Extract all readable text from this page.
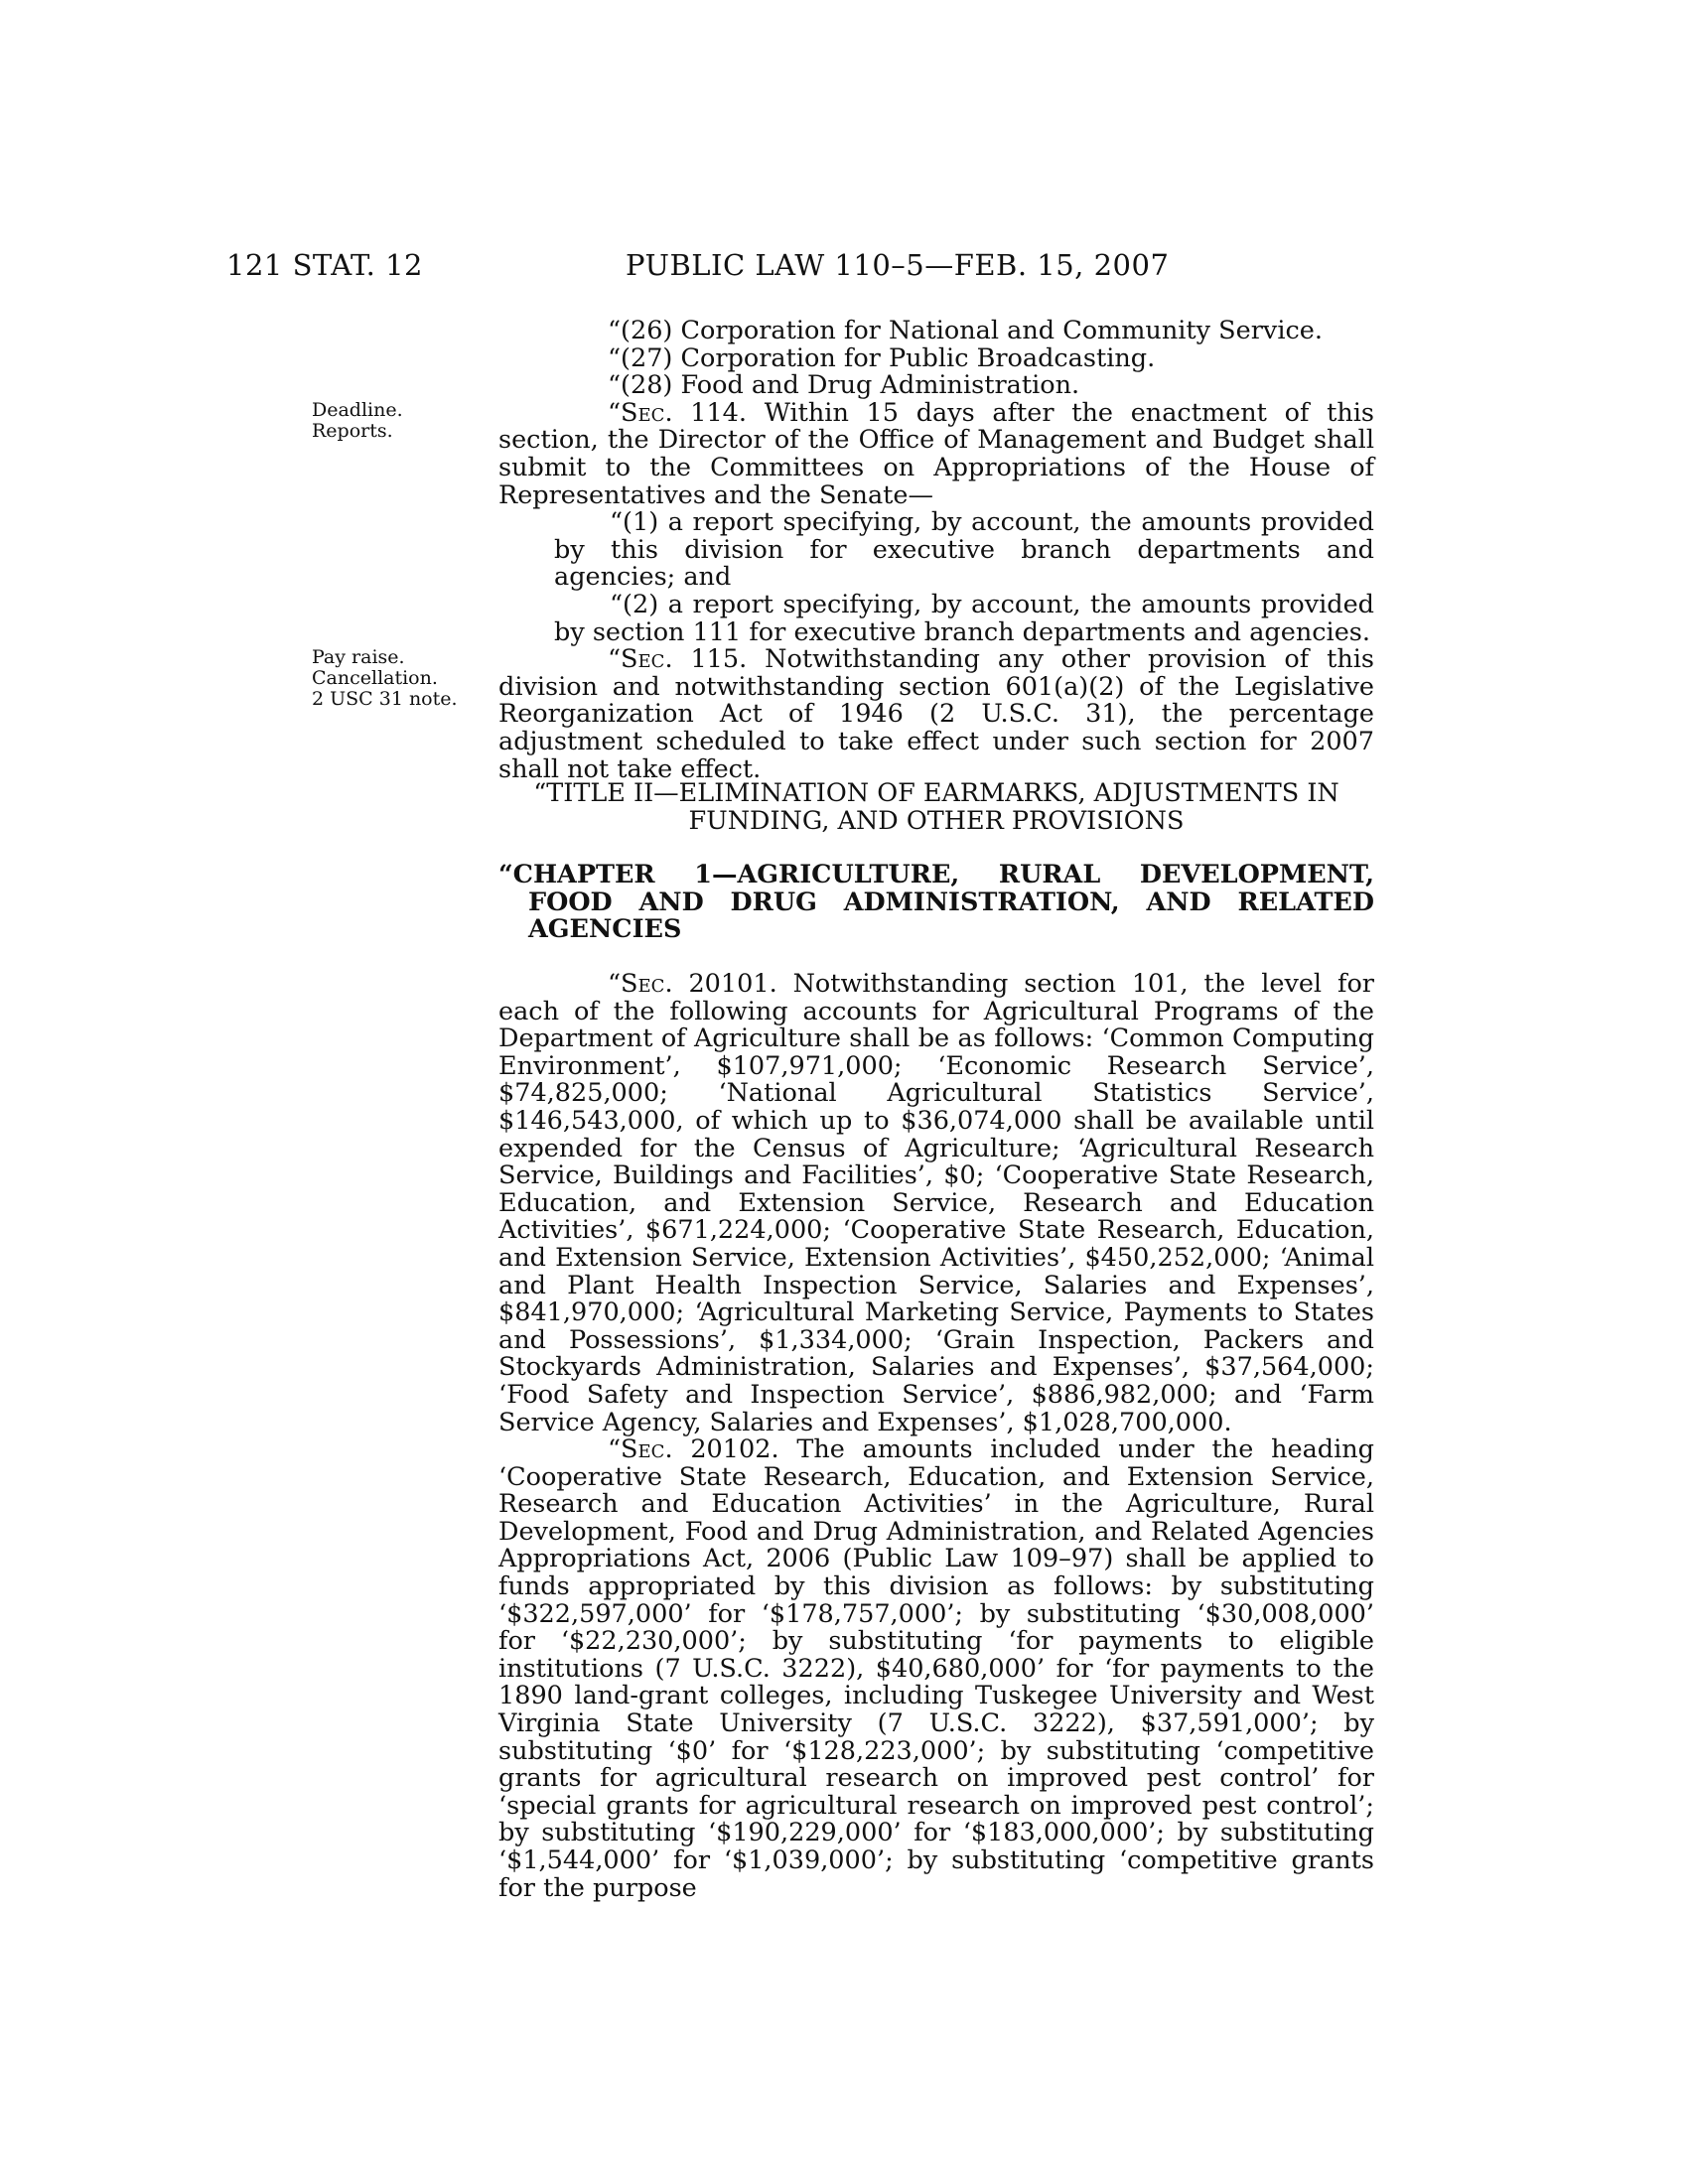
121 STAT. 12	PUBLIC LAW 110–5—FEB. 15, 2007
Deadline.
Reports.
Pay raise.
Cancellation.
2 USC 31 note.

“(26) Corporation for National and Community Service.

“(27) Corporation for Public Broadcasting.

“(28) Food and Drug Administration.

“Sec. 114. Within 15 days after the enactment of this section, the Director of the Office of Management and Budget shall submit to the Committees on Appropriations of the House of Representatives and the Senate—

“(1) a report specifying, by account, the amounts provided by this division for executive branch departments and agencies; and

“(2) a report specifying, by account, the amounts provided by section 111 for executive branch departments and agencies.

“Sec. 115. Notwithstanding any other provision of this division and notwithstanding section 601(a)(2) of the Legislative Reorganization Act of 1946 (2 U.S.C. 31), the percentage adjustment scheduled to take effect under such section for 2007 shall not take effect.

“TITLE II—ELIMINATION OF EARMARKS, ADJUSTMENTS IN

FUNDING, AND OTHER PROVISIONS

“CHAPTER 1—AGRICULTURE, RURAL DEVELOPMENT, FOOD AND DRUG ADMINISTRATION, AND RELATED AGENCIES

“Sec. 20101. Notwithstanding section 101, the level for each of the following accounts for Agricultural Programs of the Department of Agriculture shall be as follows: ‘Common Computing Environment’, $107,971,000; ‘Economic Research Service’, $74,825,000; ‘National Agricultural Statistics Service’, $146,543,000, of which up to $36,074,000 shall be available until expended for the Census of Agriculture; ‘Agricultural Research Service, Buildings and Facilities’, $0; ‘Cooperative State Research, Education, and Extension Service, Research and Education Activities’, $671,224,000; ‘Cooperative State Research, Education, and Extension Service, Extension Activities’, $450,252,000; ‘Animal and Plant Health Inspection Service, Salaries and Expenses’, $841,970,000; ‘Agricultural Marketing Service, Payments to States and Possessions’, $1,334,000; ‘Grain Inspection, Packers and Stockyards Administration, Salaries and Expenses’, $37,564,000; ‘Food Safety and Inspection Service’, $886,982,000; and ‘Farm Service Agency, Salaries and Expenses’, $1,028,700,000.

“Sec. 20102. The amounts included under the heading ‘Cooperative State Research, Education, and Extension Service, Research and Education Activities’ in the Agriculture, Rural Development, Food and Drug Administration, and Related Agencies Appropriations Act, 2006 (Public Law 109–97) shall be applied to funds appropriated by this division as follows: by substituting ‘$322,597,000’ for ‘$178,757,000’; by substituting ‘$30,008,000’ for ‘$22,230,000’; by substituting ‘for payments to eligible institutions (7 U.S.C. 3222), $40,680,000’ for ‘for payments to the 1890 land-grant colleges, including Tuskegee University and West Virginia State University (7 U.S.C. 3222), $37,591,000’; by substituting ‘$0’ for ‘$128,223,000’; by substituting ‘competitive grants for agricultural research on improved pest control’ for ‘special grants for agricultural research on improved pest control’; by substituting ‘$190,229,000’ for ‘$183,000,000’; by substituting ‘$1,544,000’ for ‘$1,039,000’; by substituting ‘competitive grants for the purpose
